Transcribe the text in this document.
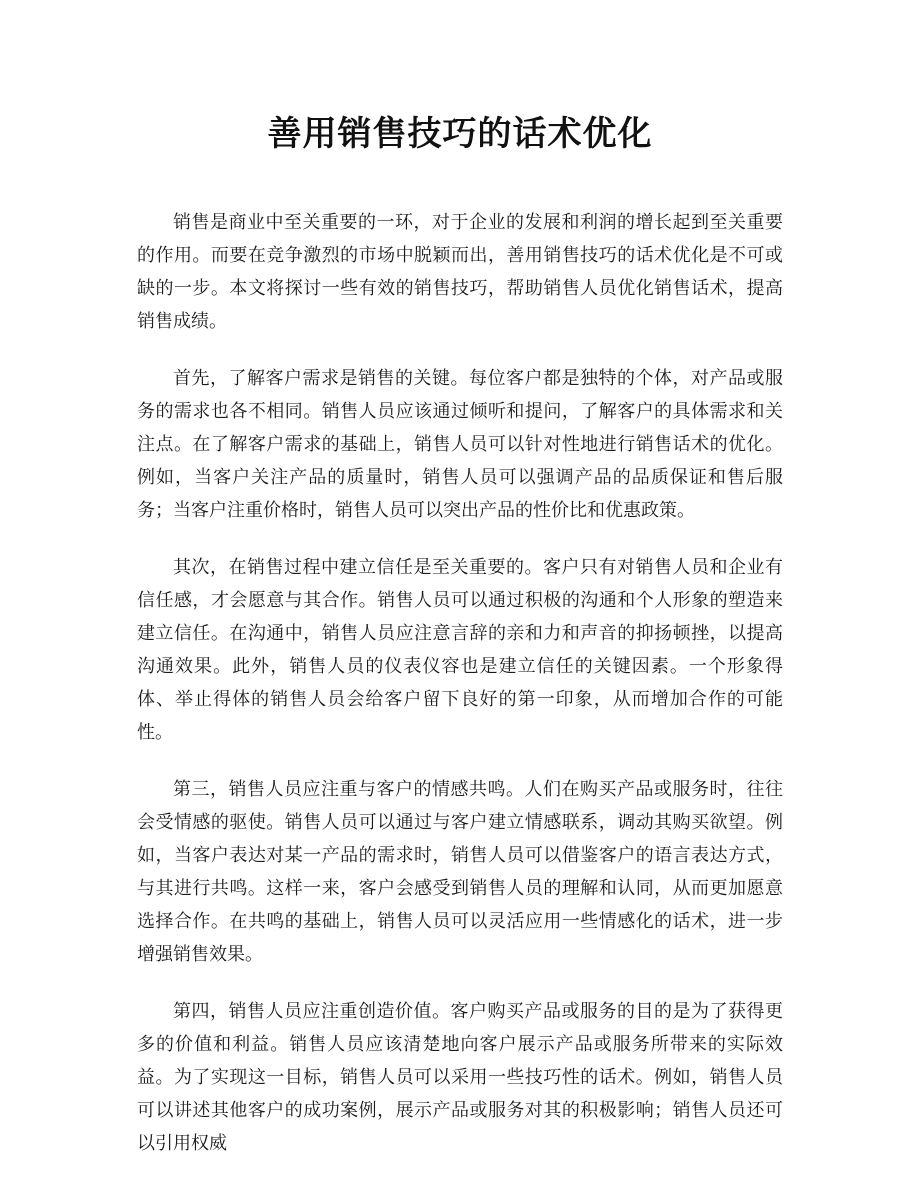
善用销售技巧的话术优化

销售是商业中至关重要的一环，对于企业的发展和利润的增长起到至关重要的作用。而要在竞争激烈的市场中脱颖而出，善用销售技巧的话术优化是不可或缺的一步。本文将探讨一些有效的销售技巧，帮助销售人员优化销售话术，提高销售成绩。

首先，了解客户需求是销售的关键。每位客户都是独特的个体，对产品或服务的需求也各不相同。销售人员应该通过倾听和提问，了解客户的具体需求和关注点。在了解客户需求的基础上，销售人员可以针对性地进行销售话术的优化。例如，当客户关注产品的质量时，销售人员可以强调产品的品质保证和售后服务；当客户注重价格时，销售人员可以突出产品的性价比和优惠政策。

其次，在销售过程中建立信任是至关重要的。客户只有对销售人员和企业有信任感，才会愿意与其合作。销售人员可以通过积极的沟通和个人形象的塑造来建立信任。在沟通中，销售人员应注意言辞的亲和力和声音的抑扬顿挫，以提高沟通效果。此外，销售人员的仪表仪容也是建立信任的关键因素。一个形象得体、举止得体的销售人员会给客户留下良好的第一印象，从而增加合作的可能性。

第三，销售人员应注重与客户的情感共鸣。人们在购买产品或服务时，往往会受情感的驱使。销售人员可以通过与客户建立情感联系，调动其购买欲望。例如，当客户表达对某一产品的需求时，销售人员可以借鉴客户的语言表达方式，与其进行共鸣。这样一来，客户会感受到销售人员的理解和认同，从而更加愿意选择合作。在共鸣的基础上，销售人员可以灵活应用一些情感化的话术，进一步增强销售效果。

第四，销售人员应注重创造价值。客户购买产品或服务的目的是为了获得更多的价值和利益。销售人员应该清楚地向客户展示产品或服务所带来的实际效益。为了实现这一目标，销售人员可以采用一些技巧性的话术。例如，销售人员可以讲述其他客户的成功案例，展示产品或服务对其的积极影响；销售人员还可以引用权威
